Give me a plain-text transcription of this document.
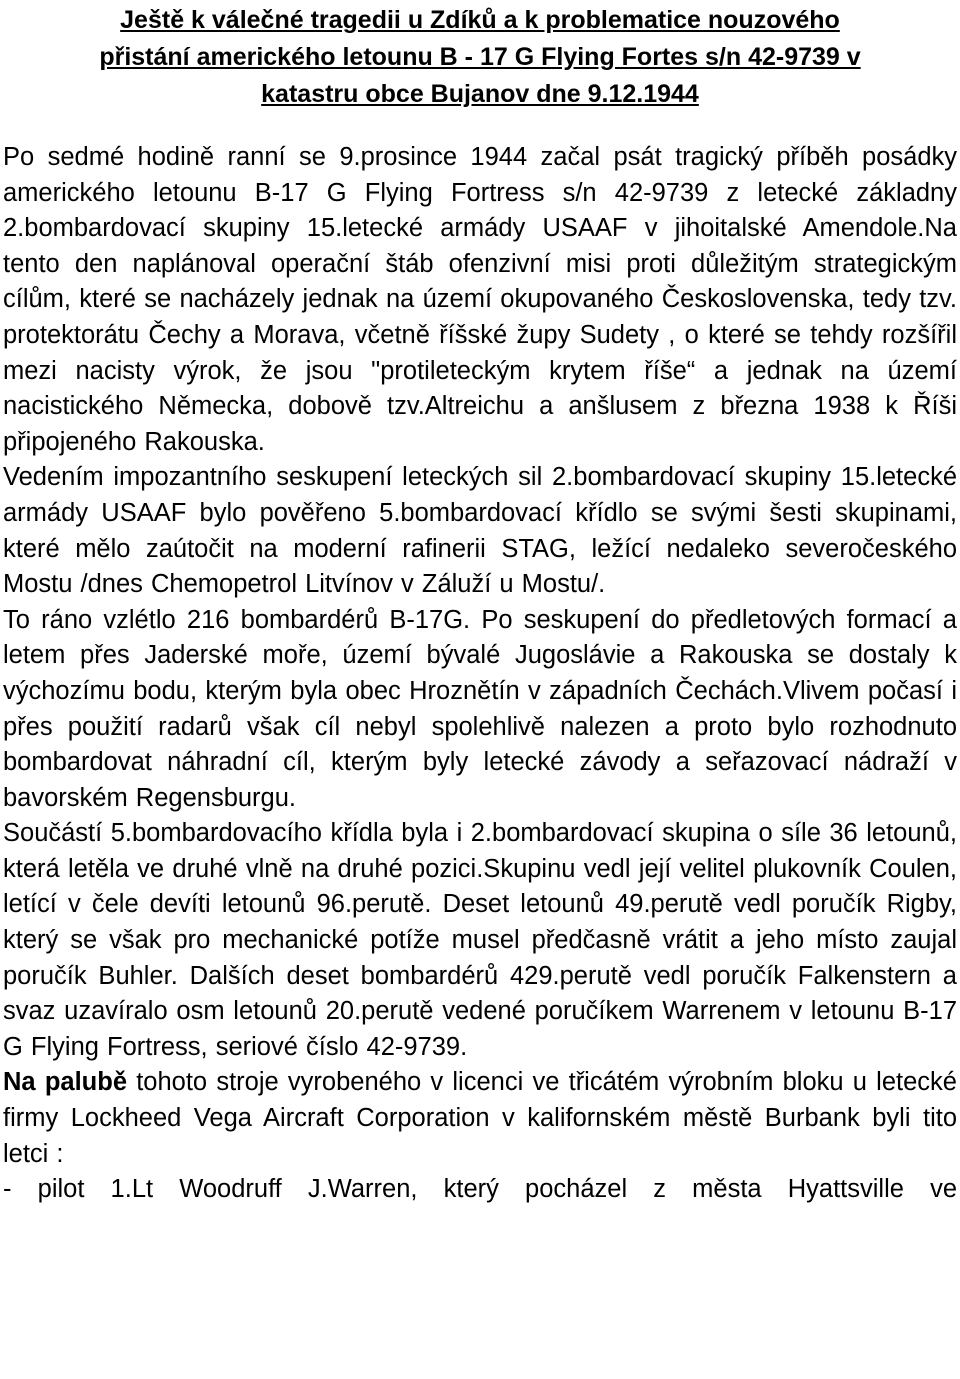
Ještě k válečné tragedii u Zdíků a k problematice nouzového
přistání amerického letounu B - 17 G Flying Fortes s/n 42-9739 v
katastru obce Bujanov dne 9.12.1944

Po sedmé hodině ranní se 9.prosince 1944 začal psát tragický příběh posádky amerického letounu B-17 G Flying Fortress s/n 42-9739 z letecké základny 2.bombardovací skupiny 15.letecké armády USAAF v jihoitalské Amendole.Na tento den naplánoval operační štáb ofenzivní misi proti důležitým strategickým cílům, které se nacházely jednak na území okupovaného Československa, tedy tzv. protektorátu Čechy a Morava, včetně říšské župy Sudety , o které se tehdy rozšířil mezi nacisty výrok, že jsou "protileteckým krytem říše“ a jednak na území nacistického Německa, dobově tzv.Altreichu a anšlusem z března 1938 k Říši připojeného Rakouska.

Vedením impozantního seskupení leteckých sil 2.bombardovací skupiny 15.letecké armády USAAF bylo pověřeno 5.bombardovací křídlo se svými šesti skupinami, které mělo zaútočit na moderní rafinerii STAG, ležící nedaleko severočeského Mostu /dnes Chemopetrol Litvínov v Záluží u Mostu/.

To ráno vzlétlo 216 bombardérů B-17G. Po seskupení do předletových formací a letem přes Jaderské moře, území bývalé Jugoslávie a Rakouska se dostaly k výchozímu bodu, kterým byla obec Hroznětín v západních Čechách.Vlivem počasí i přes použití radarů však cíl nebyl spolehlivě nalezen a proto bylo rozhodnuto bombardovat náhradní cíl, kterým byly letecké závody a seřazovací nádraží v bavorském Regensburgu.

Součástí 5.bombardovacího křídla byla i 2.bombardovací skupina o síle 36 letounů, která letěla ve druhé vlně na druhé pozici.Skupinu vedl její velitel plukovník Coulen, letící v čele devíti letounů 96.perutě. Deset letounů 49.perutě vedl poručík Rigby, který se však pro mechanické potíže musel předčasně vrátit a jeho místo zaujal poručík Buhler. Dalších deset bombardérů 429.perutě vedl poručík Falkenstern a svaz uzavíralo osm letounů 20.perutě vedené poručíkem Warrenem v letounu B-17 G Flying Fortress, seriové číslo 42-9739.

Na palubě tohoto stroje vyrobeného v licenci ve třicátém výrobním bloku u letecké firmy Lockheed Vega Aircraft Corporation v kalifornském městě Burbank byli tito letci :

- pilot 1.Lt Woodruff J.Warren, který pocházel z města Hyattsville ve
